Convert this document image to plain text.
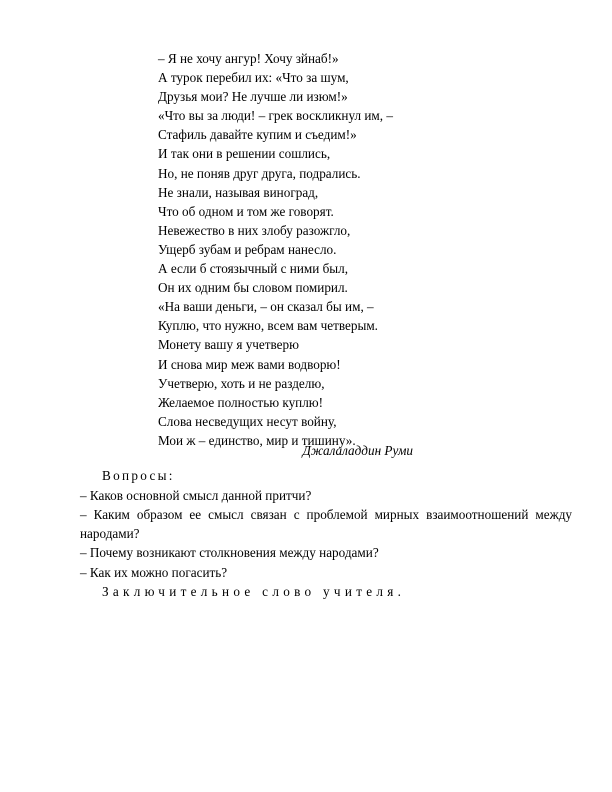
– Я не хочу ангур! Хочу зйнаб!»
А турок перебил их: «Что за шум,
Друзья мои? Не лучше ли изюм!»
«Что вы за люди! – грек воскликнул им, –
Стафиль давайте купим и съедим!»
И так они в решении сошлись,
Но, не поняв друг друга, подрались.
Не знали, называя виноград,
Что об одном и том же говорят.
Невежество в них злобу разожгло,
Ущерб зубам и ребрам нанесло.
А если б стоязычный с ними был,
Он их одним бы словом помирил.
«На ваши деньги, – он сказал бы им, –
Куплю, что нужно, всем вам четверым.
Монету вашу я учетверю
И снова мир меж вами водворю!
Учетверю, хоть и не разделю,
Желаемое полностью куплю!
Слова несведущих несут войну,
Мои ж – единство, мир и тишину».
Джалаладдин Руми
Вопросы:
– Каков основной смысл данной притчи?
– Каким образом ее смысл связан с проблемой мирных взаимоотношений между народами?
– Почему возникают столкновения между народами?
– Как их можно погасить?
Заключительное слово учителя.
